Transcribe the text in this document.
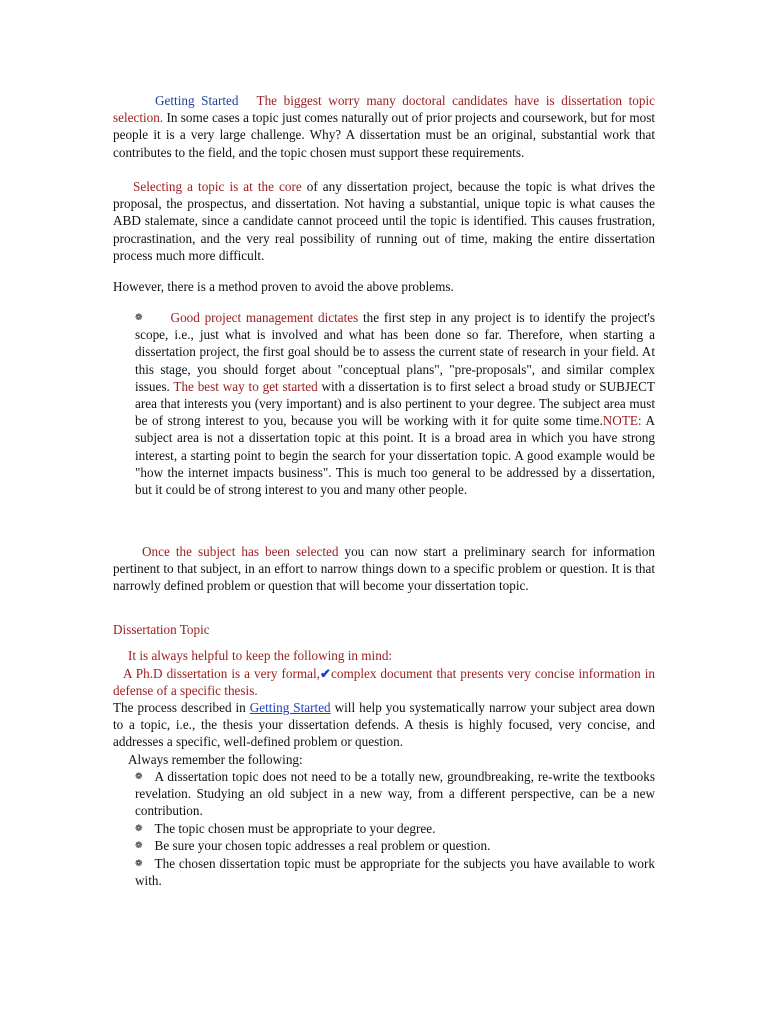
Getting Started The biggest worry many doctoral candidates have is dissertation topic selection. In some cases a topic just comes naturally out of prior projects and coursework, but for most people it is a very large challenge. Why? A dissertation must be an original, substantial work that contributes to the field, and the topic chosen must support these requirements.

Selecting a topic is at the core of any dissertation project, because the topic is what drives the proposal, the prospectus, and dissertation. Not having a substantial, unique topic is what causes the ABD stalemate, since a candidate cannot proceed until the topic is identified. This causes frustration, procrastination, and the very real possibility of running out of time, making the entire dissertation process much more difficult.

However, there is a method proven to avoid the above problems.

❁ Good project management dictates the first step in any project is to identify the project's scope, i.e., just what is involved and what has been done so far. Therefore, when starting a dissertation project, the first goal should be to assess the current state of research in your field. At this stage, you should forget about "conceptual plans", "pre-proposals", and similar complex issues. The best way to get started with a dissertation is to first select a broad study or SUBJECT area that interests you (very important) and is also pertinent to your degree. The subject area must be of strong interest to you, because you will be working with it for quite some time.NOTE: A subject area is not a dissertation topic at this point. It is a broad area in which you have strong interest, a starting point to begin the search for your dissertation topic. A good example would be "how the internet impacts business". This is much too general to be addressed by a dissertation, but it could be of strong interest to you and many other people.

Once the subject has been selected you can now start a preliminary search for information pertinent to that subject, in an effort to narrow things down to a specific problem or question. It is that narrowly defined problem or question that will become your dissertation topic.

Dissertation Topic

It is always helpful to keep the following in mind:

A Ph.D dissertation is a very formal,✔complex document that presents very concise information in defense of a specific thesis.

The process described in Getting Started will help you systematically narrow your subject area down to a topic, i.e., the thesis your dissertation defends. A thesis is highly focused, very concise, and addresses a specific, well-defined problem or question.

Always remember the following:

❁ A dissertation topic does not need to be a totally new, groundbreaking, re-write the textbooks revelation. Studying an old subject in a new way, from a different perspective, can be a new contribution.

❁ The topic chosen must be appropriate to your degree.

❁ Be sure your chosen topic addresses a real problem or question.

❁ The chosen dissertation topic must be appropriate for the subjects you have available to work with.
